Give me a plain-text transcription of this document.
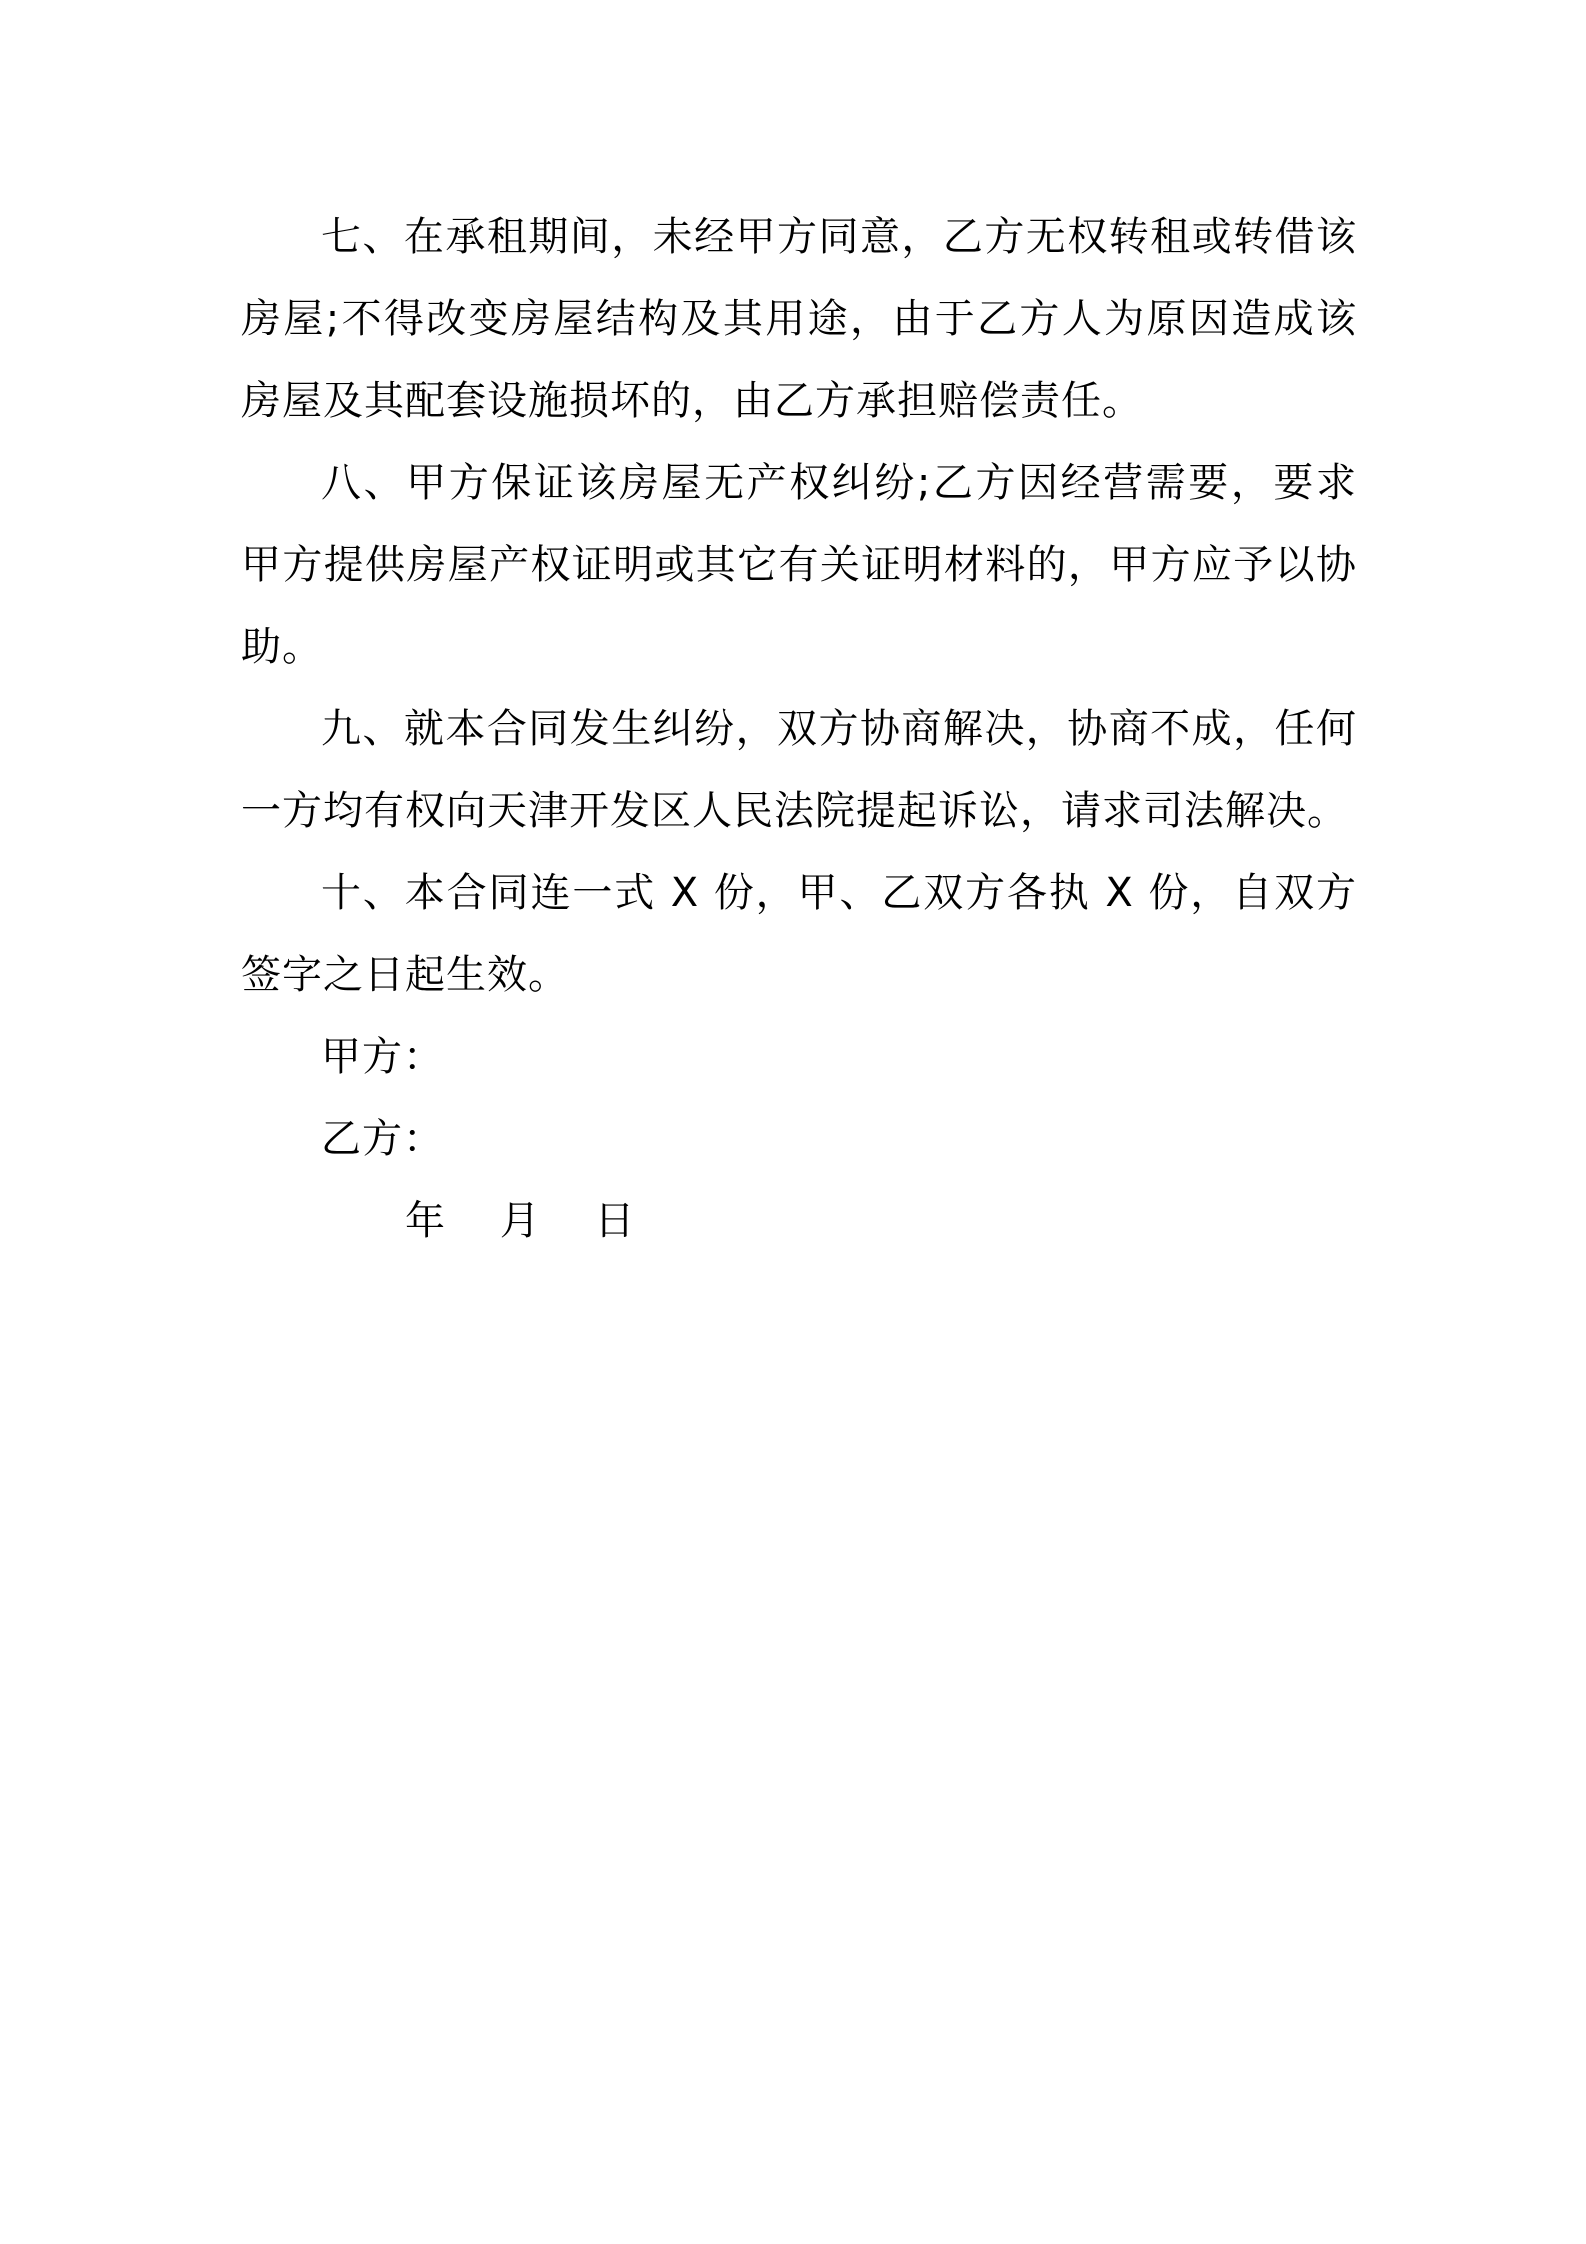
七、在承租期间，未经甲方同意，乙方无权转租或转借该房屋;不得改变房屋结构及其用途，由于乙方人为原因造成该房屋及其配套设施损坏的，由乙方承担赔偿责任。

八、甲方保证该房屋无产权纠纷;乙方因经营需要，要求甲方提供房屋产权证明或其它有关证明材料的，甲方应予以协助。

九、就本合同发生纠纷，双方协商解决，协商不成，任何一方均有权向天津开发区人民法院提起诉讼，请求司法解决。

十、本合同连一式 X 份，甲、乙双方各执 X 份，自双方签字之日起生效。

甲方：

乙方：

年 月 日
